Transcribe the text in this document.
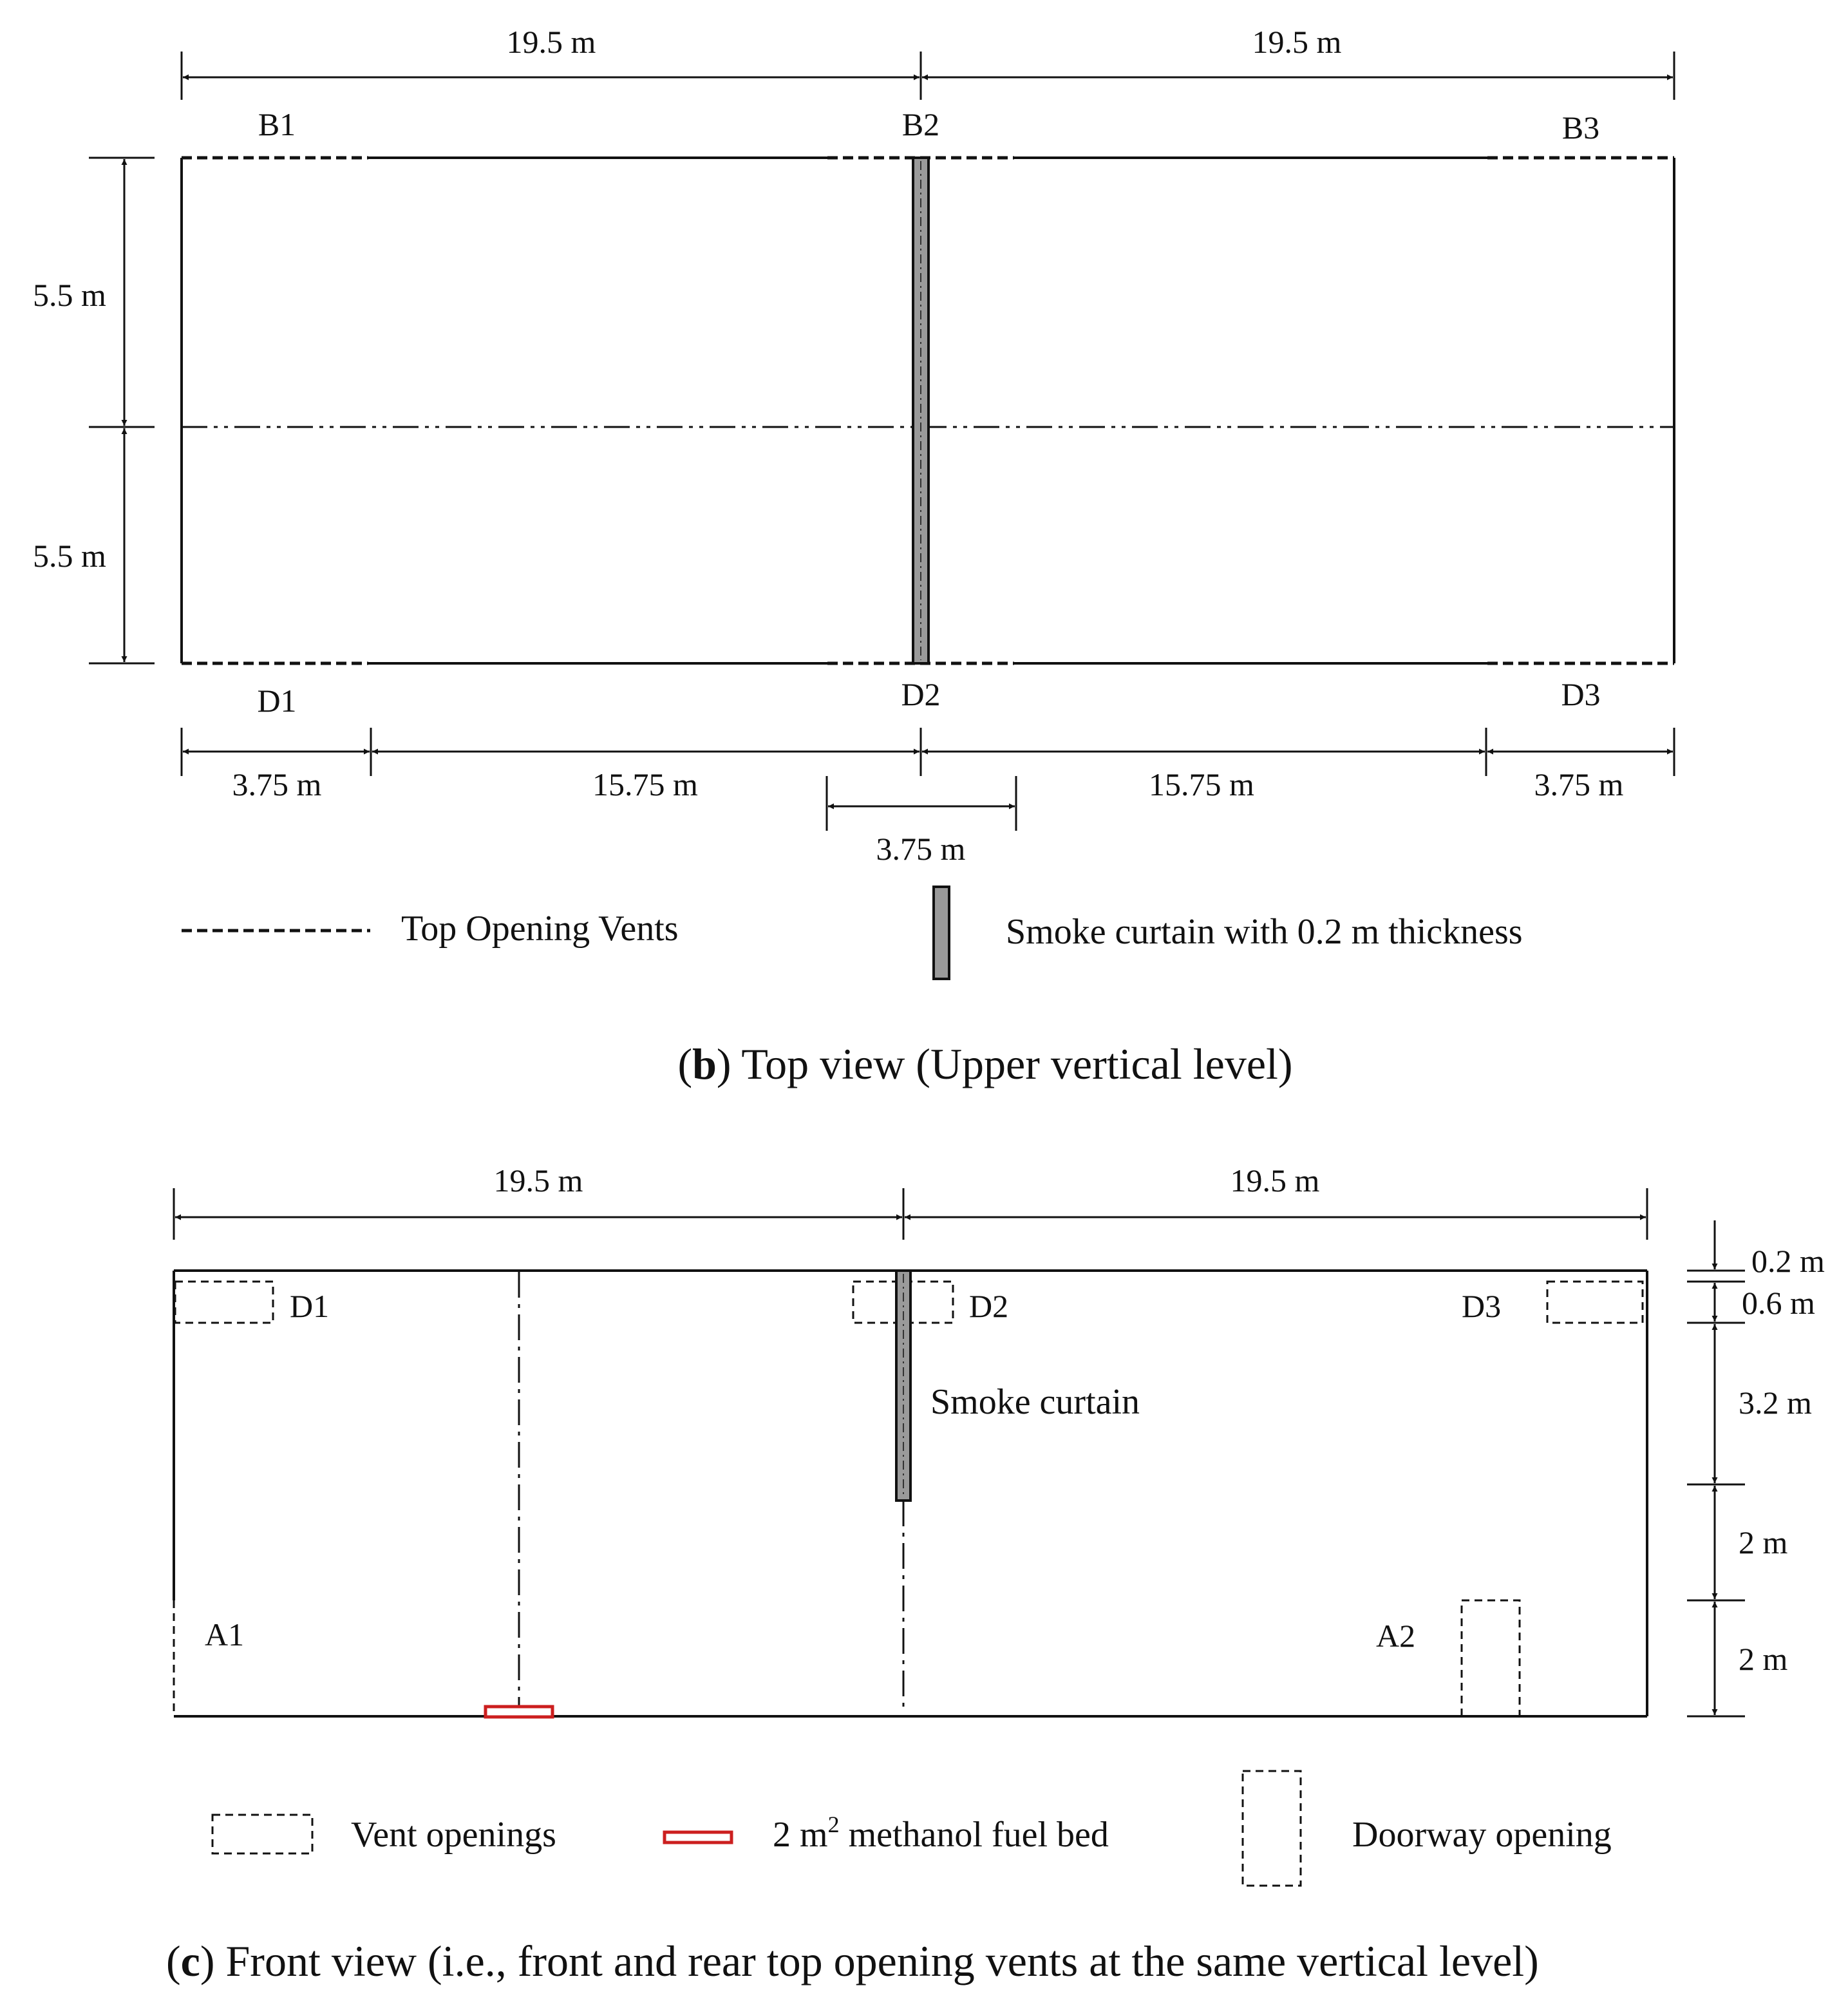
19.5 m	19.5 m
B1	B2	B3
D1	D2	D3
5.5 m
5.5 m
3.75 m	15.75 m	15.75 m	3.75 m
3.75 m
Top Opening Vents	Smoke curtain with 0.2 m thickness
(b) Top view (Upper vertical level)
19.5 m	19.5 m
D1	D2	D3
Smoke curtain
A1	A2
0.2 m
0.6 m
3.2 m
2 m
2 m
Vent openings	2 $m^2$ methanol fuel bed	Doorway opening
(c) Front view (i.e., front and rear top opening vents at the same vertical level)
